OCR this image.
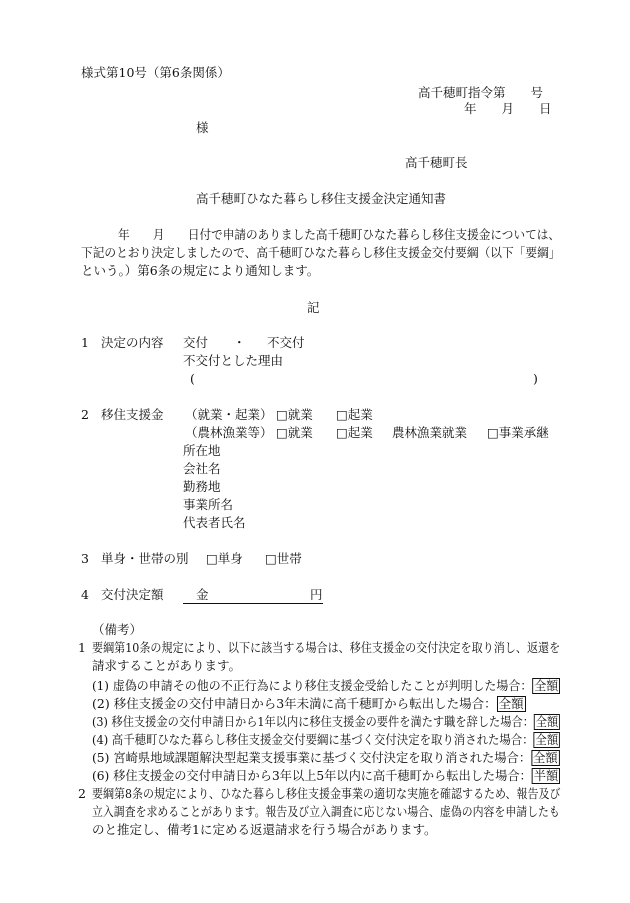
様式第10号（第6条関係）
高千穂町指令第　　号
年　　月　　日
様
高千穂町長
高千穂町ひなた暮らし移住支援金決定通知書
年　　月　　日付で申請のありました高千穂町ひなた暮らし移住支援金については、
下記のとおり決定しましたので、高千穂町ひなた暮らし移住支援金交付要綱（以下「要綱」
という。）第6条の規定により通知します。
記
1 決定の内容 交付 ・ 不交付
不交付とした理由
(	)
2 移住支援金 （就業・起業） □就業 □起業
（農林漁業等） □就業 □起業 農林漁業就業 □事業承継
所在地
会社名
勤務地
事業所名
代表者氏名
3 単身・世帯の別 □単身 □世帯
4 交付決定額	金	円
（備考）
1 要綱第10条の規定により、以下に該当する場合は、移住支援金の交付決定を取り消し、返還を
請求することがあります。
(1) 虚偽の申請その他の不正行為により移住支援金受給したことが判明した場合： 全額
(2) 移住支援金の交付申請日から3年未満に高千穂町から転出した場合： 全額
(3) 移住支援金の交付申請日から1年以内に移住支援金の要件を満たす職を辞した場合： 全額
(4) 高千穂町ひなた暮らし移住支援金交付要綱に基づく交付決定を取り消された場合： 全額
(5) 宮崎県地域課題解決型起業支援事業に基づく交付決定を取り消された場合： 全額
(6) 移住支援金の交付申請日から3年以上5年以内に高千穂町から転出した場合： 半額
2 要綱第8条の規定により、ひなた暮らし移住支援金事業の適切な実施を確認するため、報告及び
立入調査を求めることがあります。報告及び立入調査に応じない場合、虚偽の内容を申請したも
のと推定し、備考1に定める返還請求を行う場合があります。
